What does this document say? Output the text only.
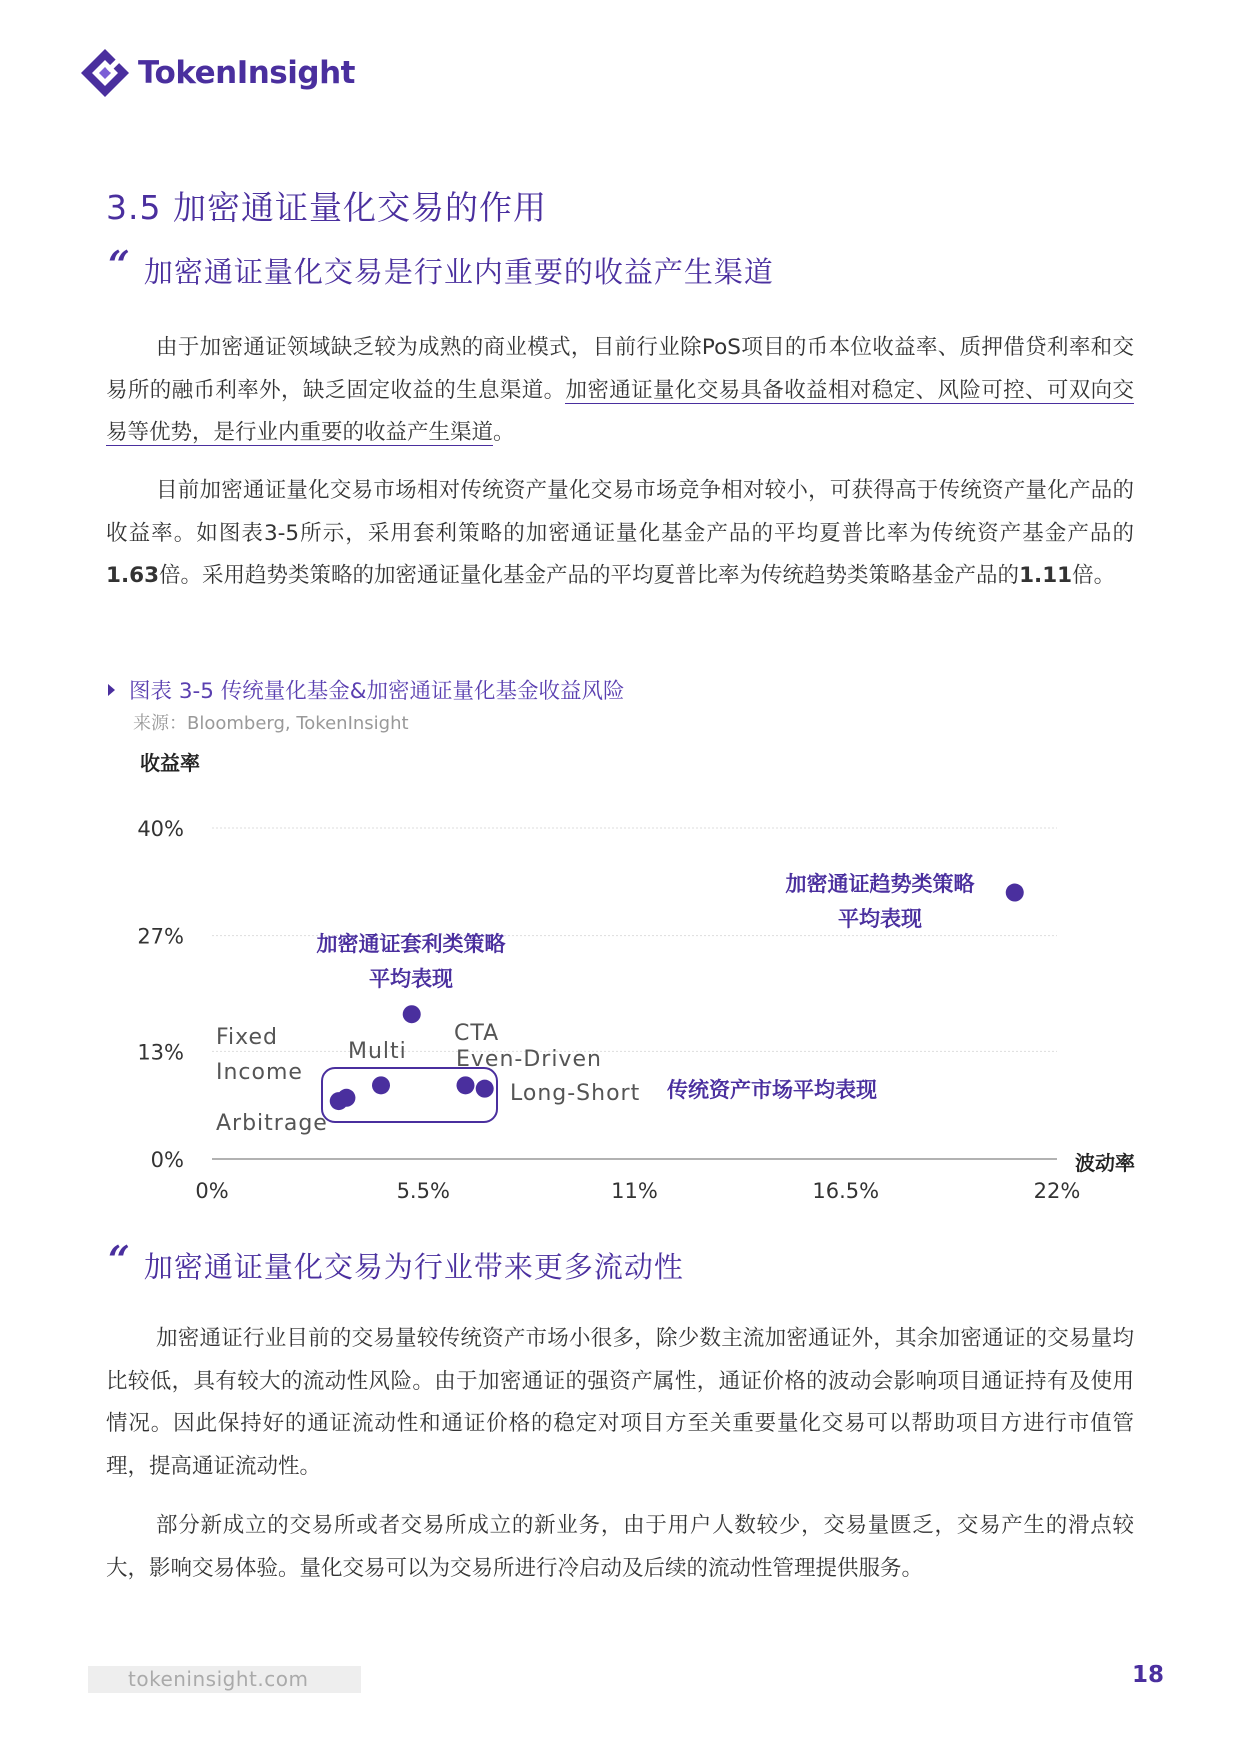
TokenInsight
3.5 加密通证量化交易的作用
“ 加密通证量化交易是行业内重要的收益产生渠道
由于加密通证领域缺乏较为成熟的商业模式，目前行业除PoS项目的币本位收益率、质押借贷利率和交易所的融币利率外，缺乏固定收益的生息渠道。加密通证量化交易具备收益相对稳定、风险可控、可双向交易等优势，是行业内重要的收益产生渠道。
目前加密通证量化交易市场相对传统资产量化交易市场竞争相对较小，可获得高于传统资产量化产品的收益率。如图表3-5所示，采用套利策略的加密通证量化基金产品的平均夏普比率为传统资产基金产品的1.63倍。采用趋势类策略的加密通证量化基金产品的平均夏普比率为传统趋势类策略基金产品的1.11倍。
图表 3-5 传统量化基金&加密通证量化基金收益风险
来源：Bloomberg, TokenInsight
0%
13%
27%
40%
0%	5.5%	11%	16.5%	22%
收益率
波动率
Fixed
Income
Arbitrage
Multi
CTA
Even-Driven
Long-Short 传统资产市场平均表现
加密通证套利类策略
平均表现
加密通证趋势类策略
平均表现
“ 加密通证量化交易为行业带来更多流动性
加密通证行业目前的交易量较传统资产市场小很多，除少数主流加密通证外，其余加密通证的交易量均比较低，具有较大的流动性风险。由于加密通证的强资产属性，通证价格的波动会影响项目通证持有及使用情况。因此保持好的通证流动性和通证价格的稳定对项目方至关重要量化交易可以帮助项目方进行市值管理，提高通证流动性。
部分新成立的交易所或者交易所成立的新业务，由于用户人数较少，交易量匮乏，交易产生的滑点较大，影响交易体验。量化交易可以为交易所进行冷启动及后续的流动性管理提供服务。
tokeninsight.com	18
